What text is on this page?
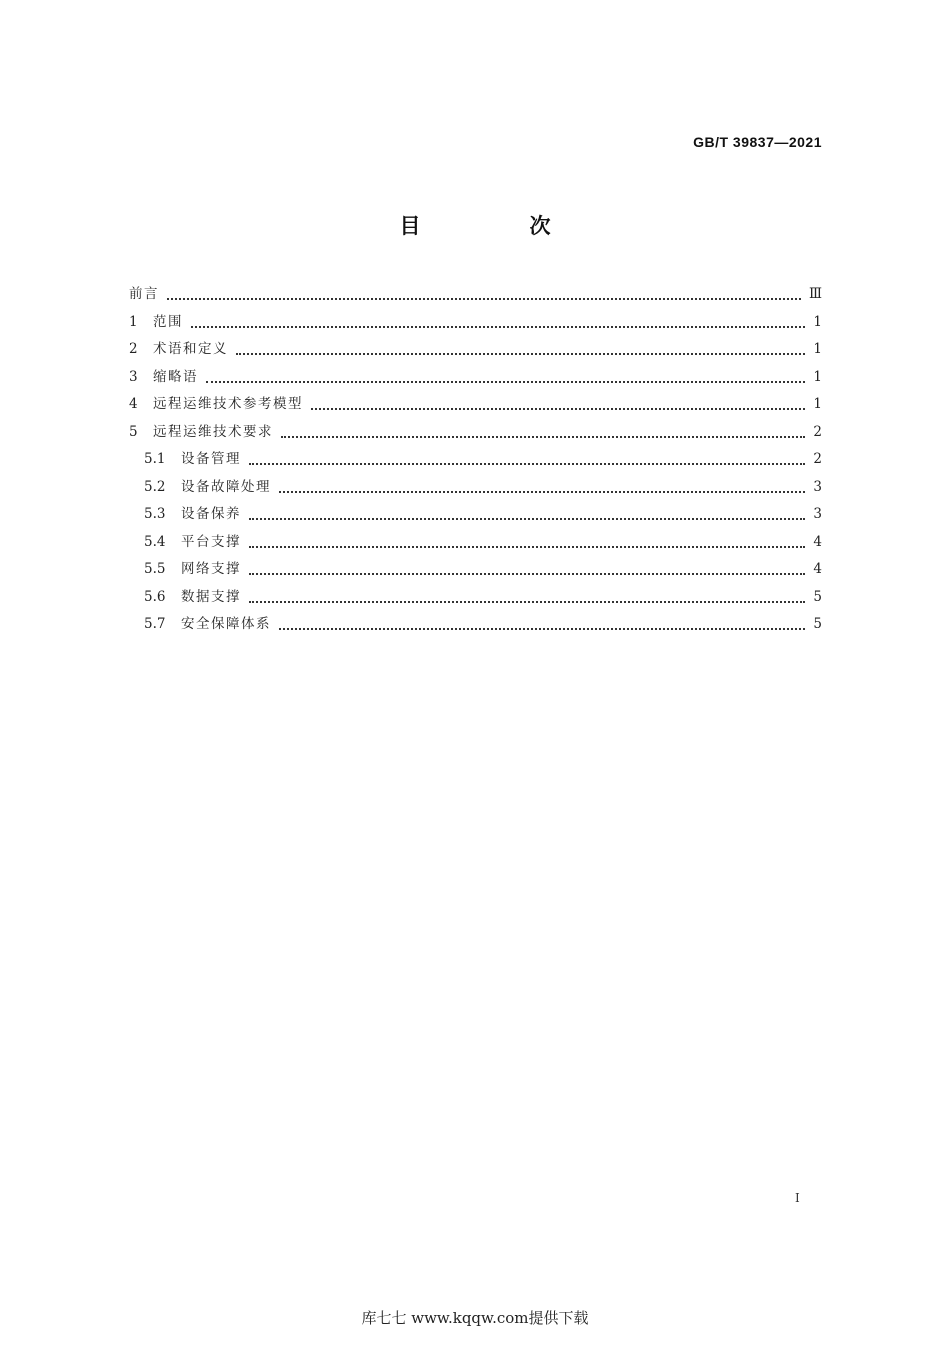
GB/T 39837—2021
目　次
前言	Ⅲ
1	范围	1
2	术语和定义	1
3	缩略语	1
4	远程运维技术参考模型	1
5	远程运维技术要求	2
5.1	设备管理	2
5.2	设备故障处理	3
5.3	设备保养	3
5.4	平台支撑	4
5.5	网络支撑	4
5.6	数据支撑	5
5.7	安全保障体系	5
I
库七七 www.kqqw.com提供下载
